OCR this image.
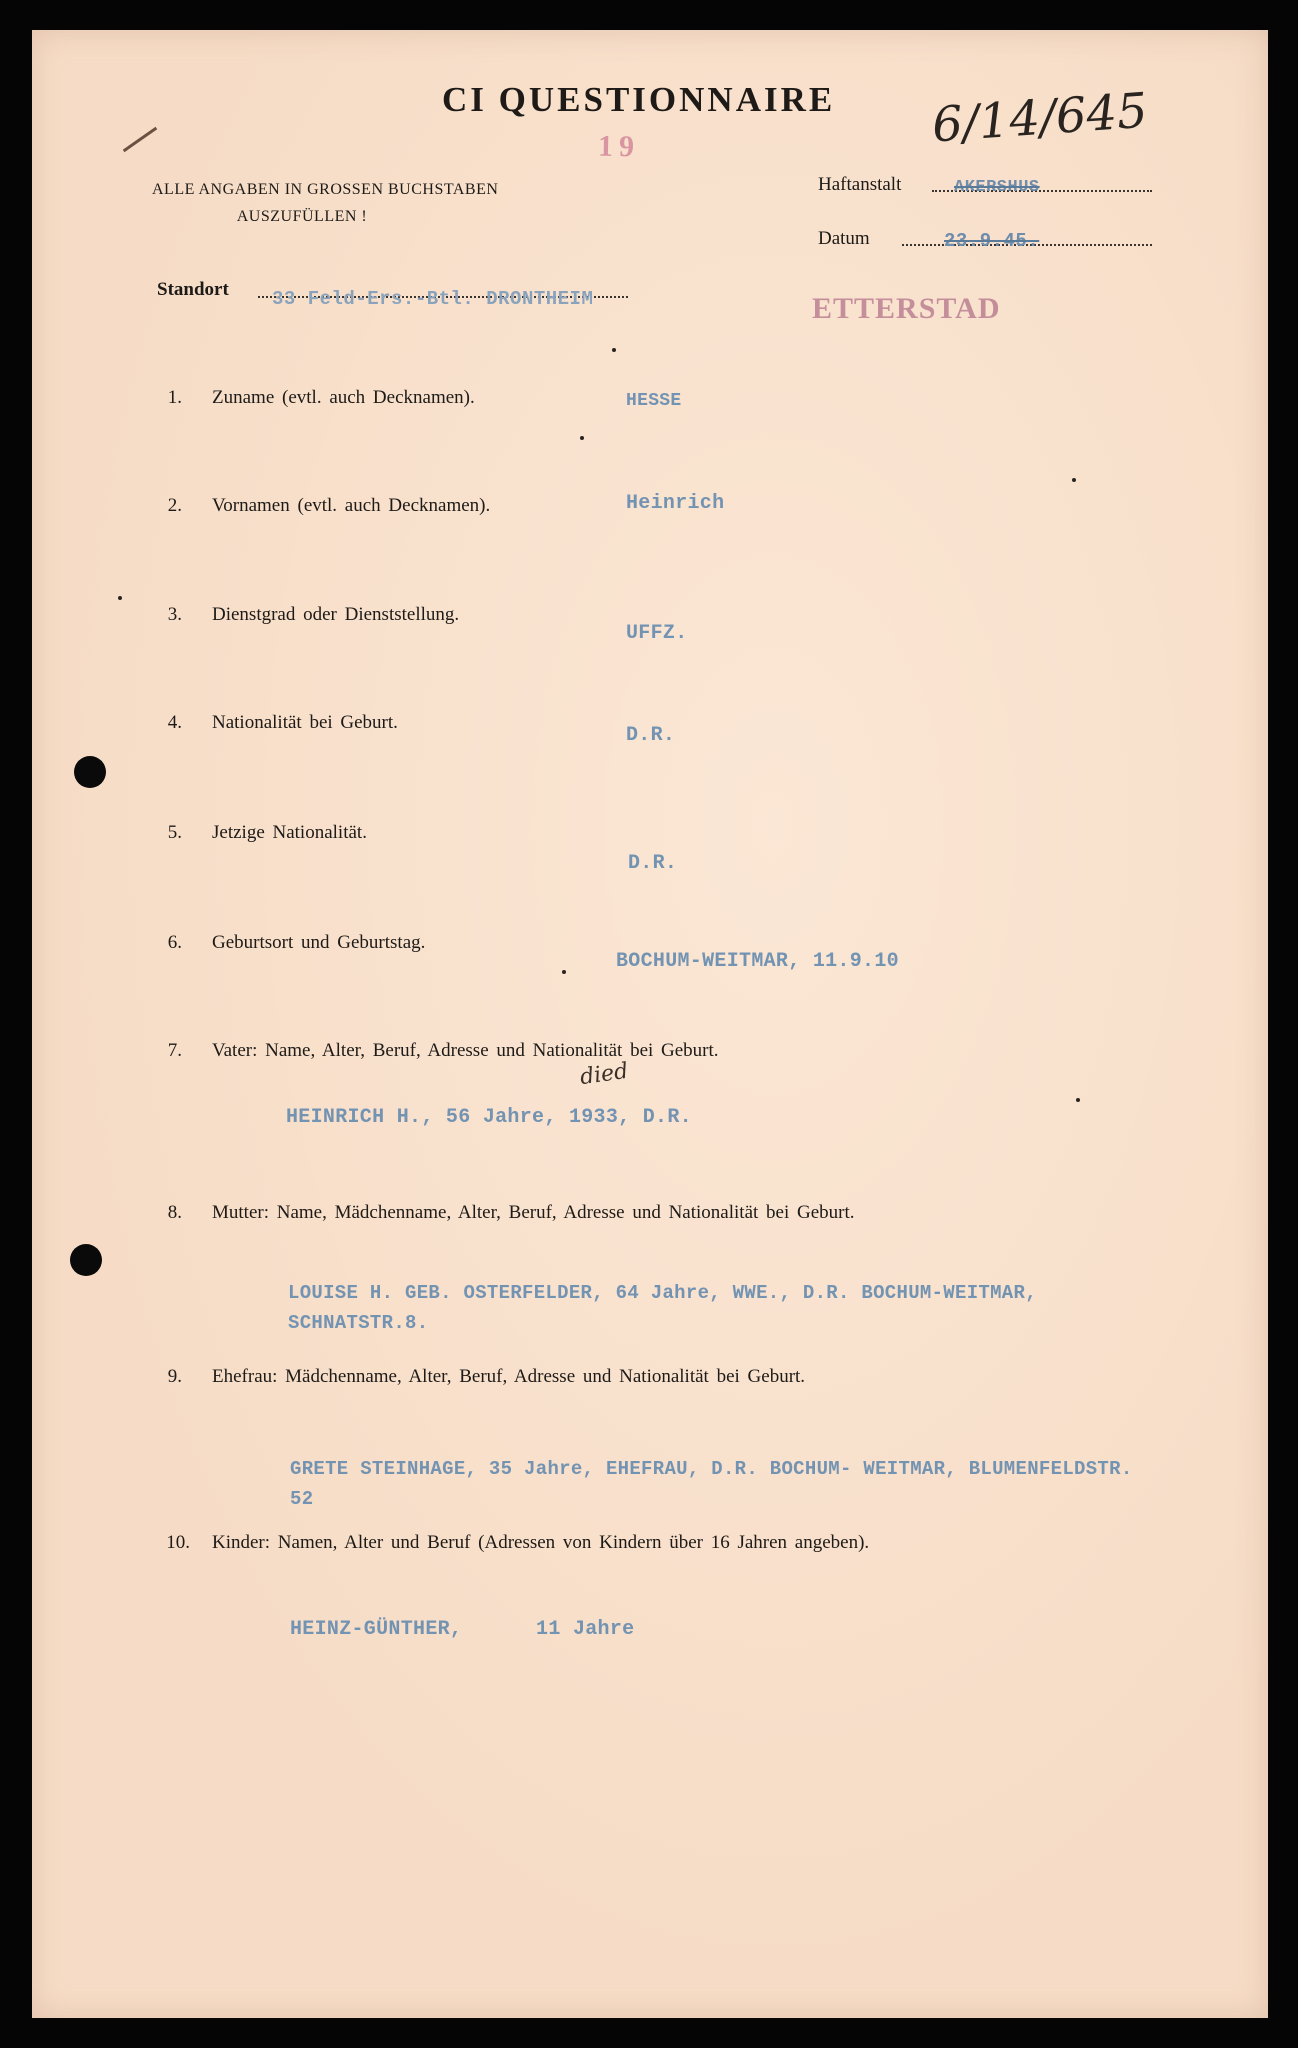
CI QUESTIONNAIRE 6/14/645
19
ALLE ANGABEN IN GROSSEN BUCHSTABEN
AUSZUFÜLLEN !
Haftanstalt	AKERSHUS
Datum	23.9.45.
Standort 33 Feld-Ers.-Btl. DRONTHEIM	ETTERSTAD
1. Zuname (evtl. auch Decknamen).	HESSE
2. Vornamen (evtl. auch Decknamen).	Heinrich
3. Dienstgrad oder Dienststellung.
UFFZ.
4. Nationalität bei Geburt.
D.R.
5. Jetzige Nationalität.
D.R.
6. Geburtsort und Geburtstag.
BOCHUM-WEITMAR, 11.9.10
7. Vater: Name, Alter, Beruf, Adresse und Nationalität bei Geburt.
died
HEINRICH H., 56 Jahre, 1933, D.R.
8. Mutter: Name, Mädchenname, Alter, Beruf, Adresse und Nationalität bei Geburt.
LOUISE H. GEB. OSTERFELDER, 64 Jahre, WWE., D.R. BOCHUM-WEITMAR,
SCHNATSTR.8.
9. Ehefrau: Mädchenname, Alter, Beruf, Adresse und Nationalität bei Geburt.
GRETE STEINHAGE, 35 Jahre, EHEFRAU, D.R. BOCHUM- WEITMAR, BLUMENFELDSTR.
52
10. Kinder: Namen, Alter und Beruf (Adressen von Kindern über 16 Jahren angeben).
HEINZ-GÜNTHER,      11 Jahre
